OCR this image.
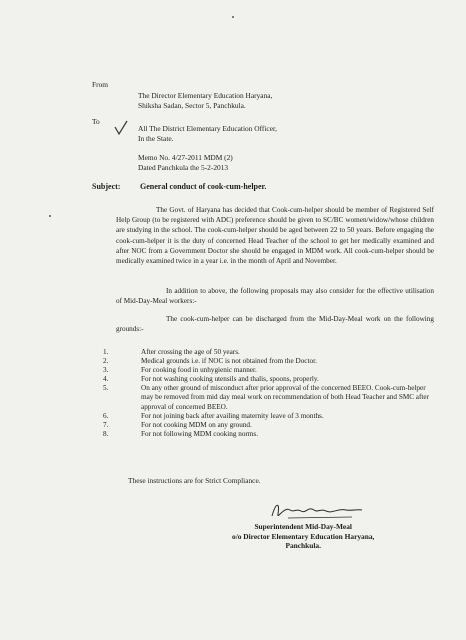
From
The Director Elementary Education Haryana,
Shiksha Sadan, Sector 5, Panchkula.
To
All The District Elementary Education Officer,
In the State.
Memo No. 4/27-2011 MDM (2)
Dated Panchkula the 5-2-2013
Subject: General conduct of cook-cum-helper.
The Govt. of Haryana has decided that Cook-cum-helper should be member of Registered Self Help Group (to be registered with ADC) preference should be given to SC/BC women/widow/whose children are studying in the school. The cook-cum-helper should be aged between 22 to 50 years. Before engaging the cook-cum-helper it is the duty of concerned Head Teacher of the school to get her medically examined and after NOC from a Government Doctor she should be engaged in MDM work. All cook-cum-helper should be medically examined twice in a year i.e. in the month of April and November.
In addition to above, the following proposals may also consider for the effective utilisation of Mid-Day-Meal workers:-
The cook-cum-helper can be discharged from the Mid-Day-Meal work on the following grounds:-
1.	After crossing the age of 50 years.
2.	Medical grounds i.e. if NOC is not obtained from the Doctor.
3.	For cooking food in unhygienic manner.
4.	For not washing cooking utensils and thalis, spoons, properly.
5.	On any other ground of misconduct after prior approval of the concerned BEEO. Cook-cum-helper may be removed from mid day meal work on recommendation of both Head Teacher and SMC after approval of concerned BEEO.
6.	For not joining back after availing maternity leave of 3 months.
7.	For not cooking MDM on any ground.
8.	For not following MDM cooking norms.
These instructions are for Strict Compliance.
Superintendent Mid-Day-Meal
o/o Director Elementary Education Haryana,
Panchkula.
